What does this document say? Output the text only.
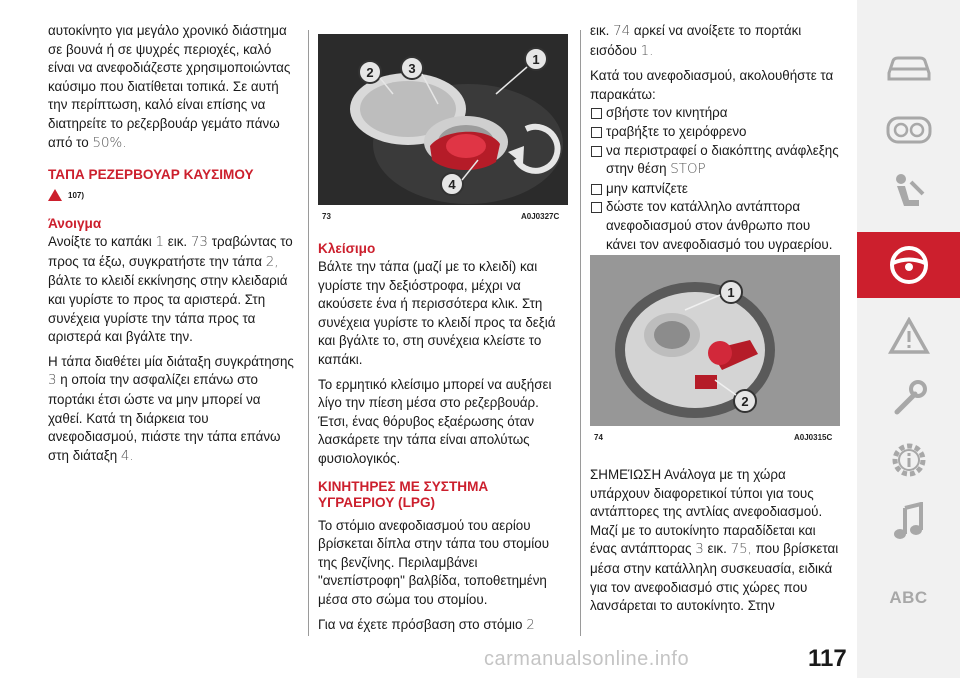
αυτοκίνητο για μεγάλο χρονικό διάστημα σε βουνά ή σε ψυχρές περιοχές, καλό είναι να ανεφοδιάζεστε χρησιμοποιώντας καύσιμο που διατίθεται τοπικά. Σε αυτή την περίπτωση, καλό είναι επίσης να διατηρείτε το ρεζερβουάρ γεμάτο πάνω από το 50%.

ΤΑΠΑ ΡΕΖΕΡΒΟΥΑΡ ΚΑΥΣΙΜΟΥ
107)
Άνοιγμα

Ανοίξτε το καπάκι 1 εικ. 73 τραβώντας το προς τα έξω, συγκρατήστε την τάπα 2, βάλτε το κλειδί εκκίνησης στην κλειδαριά και γυρίστε το προς τα αριστερά. Στη συνέχεια γυρίστε την τάπα προς τα αριστερά και βγάλτε την.

Η τάπα διαθέτει μία διάταξη συγκράτησης 3 η οποία την ασφαλίζει επάνω στο πορτάκι έτσι ώστε να μην μπορεί να χαθεί. Κατά τη διάρκεια του ανεφοδιασμού, πιάστε την τάπα επάνω στη διάταξη 4.

1
2	3
4
73	A0J0327C
Κλείσιμο

Βάλτε την τάπα (μαζί με το κλειδί) και γυρίστε την δεξιόστροφα, μέχρι να ακούσετε ένα ή περισσότερα κλικ. Στη συνέχεια γυρίστε το κλειδί προς τα δεξιά και βγάλτε το, στη συνέχεια κλείστε το καπάκι.

Το ερμητικό κλείσιμο μπορεί να αυξήσει λίγο την πίεση μέσα στο ρεζερβουάρ. Έτσι, ένας θόρυβος εξαέρωσης όταν λασκάρετε την τάπα είναι απολύτως φυσιολογικός.

ΚΙΝΗΤΗΡΕΣ ΜΕ ΣΥΣΤΗΜΑ ΥΓΡΑΕΡΙΟΥ (LPG)

Το στόμιο ανεφοδιασμού του αερίου βρίσκεται δίπλα στην τάπα του στομίου της βενζίνης. Περιλαμβάνει "ανεπίστροφη" βαλβίδα, τοποθετημένη μέσα στο σώμα του στομίου.

Για να έχετε πρόσβαση στο στόμιο 2

εικ. 74 αρκεί να ανοίξετε το πορτάκι εισόδου 1.

Κατά του ανεφοδιασμού, ακολουθήστε τα παρακάτω:

σβήστε τον κινητήρα

τραβήξτε το χειρόφρενο

να περιστραφεί ο διακόπτης ανάφλεξης στην θέση STOP

μην καπνίζετε

δώστε τον κατάλληλο αντάπτορα ανεφοδιασμού στον άνθρωπο που κάνει τον ανεφοδιασμό του υγραερίου.

1
2
74	A0J0315C

ΣΗΜΕΊΩΣΗ Ανάλογα με τη χώρα υπάρχουν διαφορετικοί τύποι για τους αντάπτορες της αντλίας ανεφοδιασμού. Μαζί με το αυτοκίνητο παραδίδεται και ένας αντάπτορας 3 εικ. 75, που βρίσκεται μέσα στην κατάλληλη συσκευασία, ειδικά για τον ανεφοδιασμό στις χώρες που λανσάρεται το αυτοκίνητο. Στην	ABC
carmanualsonline.info	117
